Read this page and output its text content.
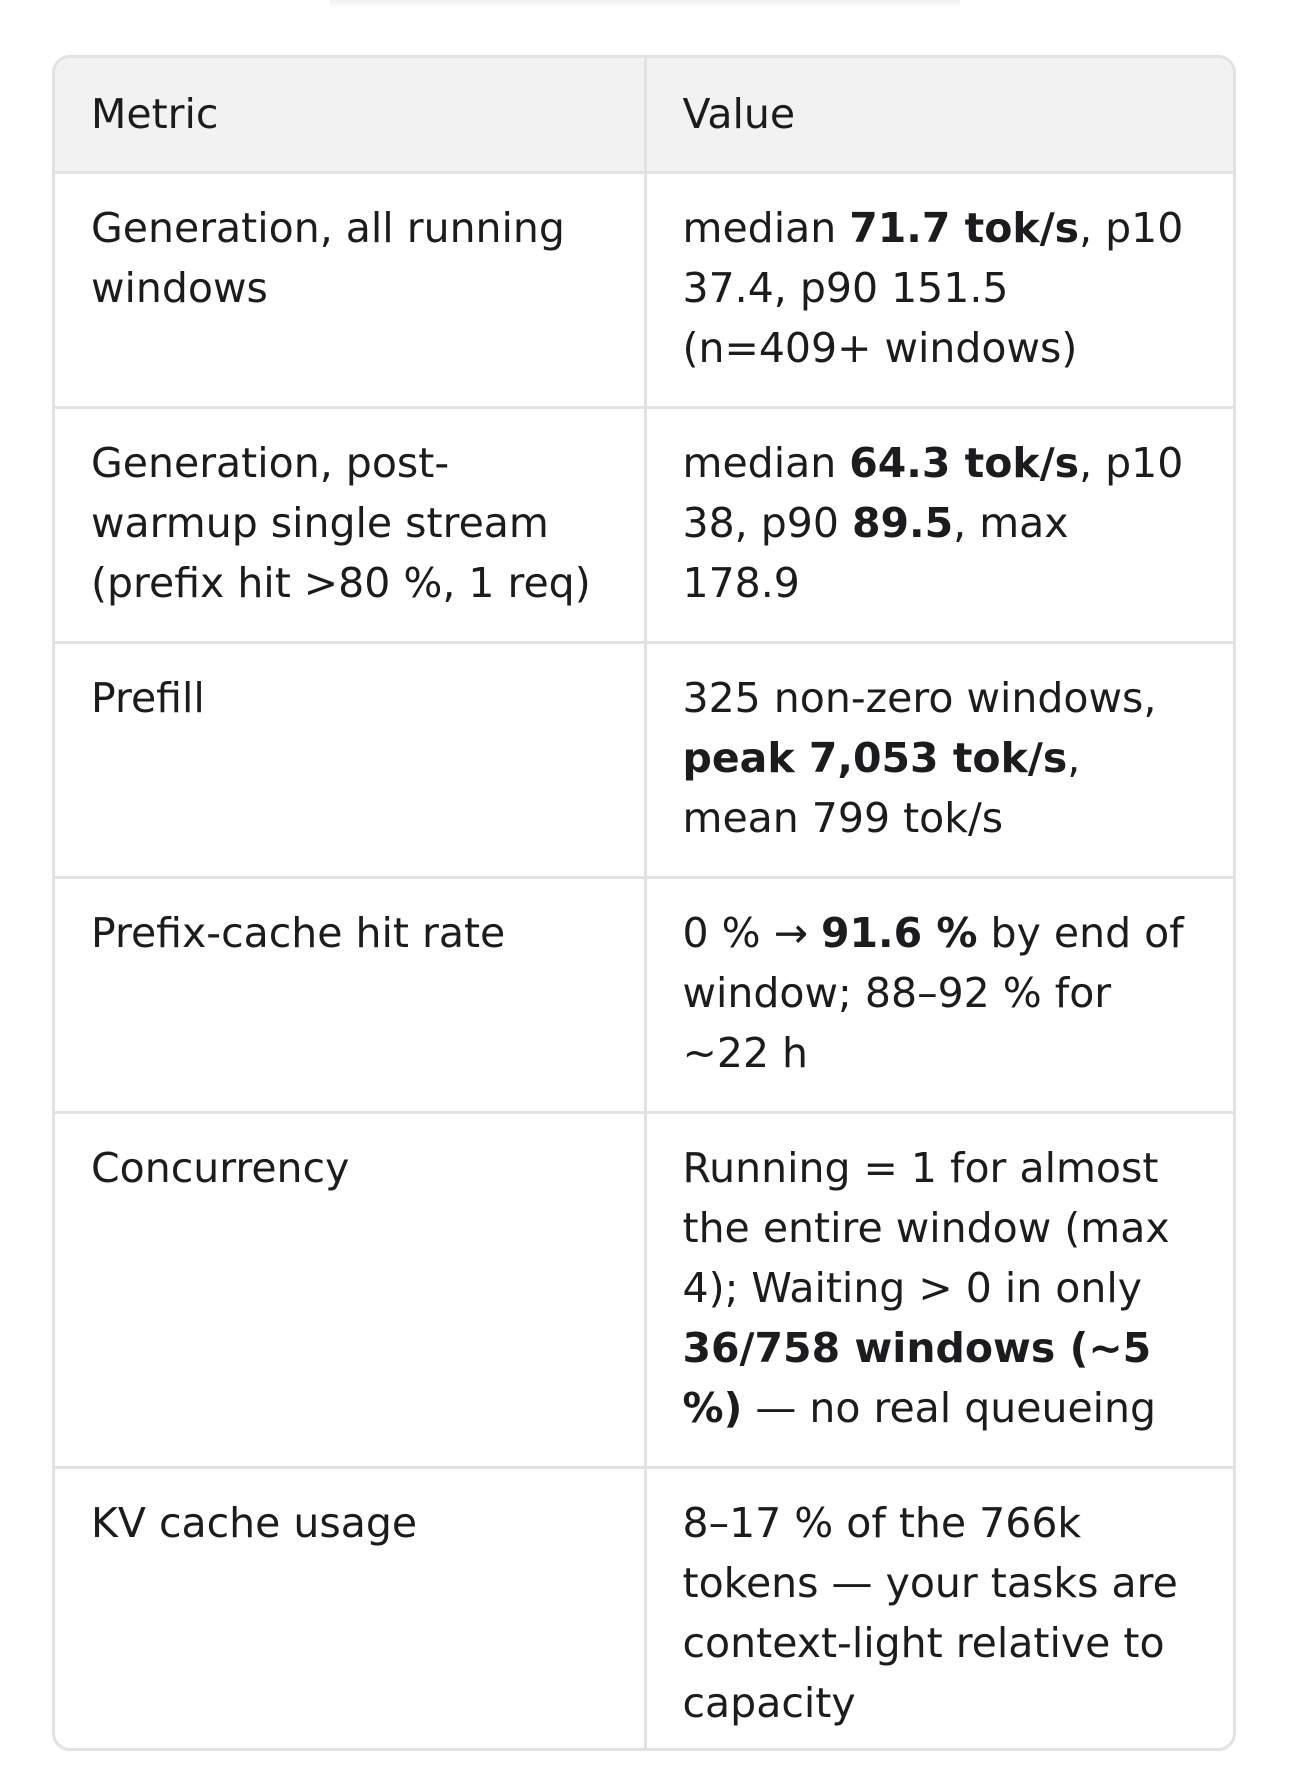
Metric	Value
Generation, all running windows	median 71.7 tok/s, p10 37.4, p90 151.5 (n=409+ windows)
Generation, post-warmup single stream (prefix hit >80 %, 1 req)	median 64.3 tok/s, p10 38, p90 89.5, max 178.9
Prefill	325 non-zero windows, peak 7,053 tok/s, mean 799 tok/s
Prefix-cache hit rate	0 % → 91.6 % by end of window; 88–92 % for ~22 h
Concurrency	Running = 1 for almost the entire window (max 4); Waiting > 0 in only 36/758 windows (~5 %) — no real queueing
KV cache usage	8–17 % of the 766k tokens — your tasks are context-light relative to capacity
